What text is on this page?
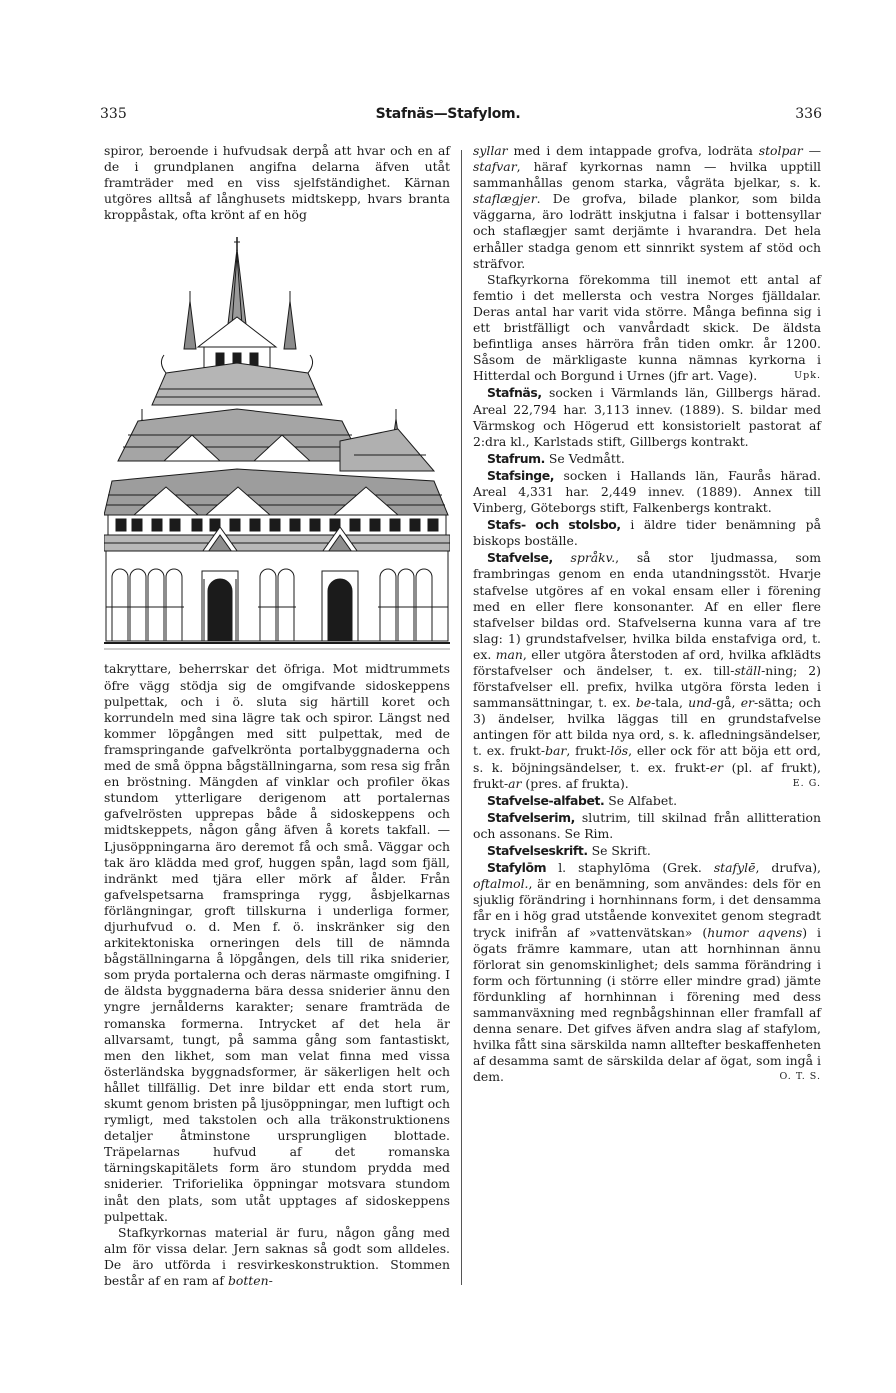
335	Stafnäs—Stafylom.	336

spiror, beroende i hufvudsak derpå att hvar och en af de i grundplanen angifna delarna äfven utåt framträder med en viss sjelfständighet. Kärnan utgöres alltså af långhusets midtskepp, hvars branta kroppåstak, ofta krönt af en hög

takryttare, beherrskar det öfriga. Mot midtrummets öfre vägg stödja sig de omgifvande sidoskeppens pulpettak, och i ö. sluta sig härtill koret och korrundeln med sina lägre tak och spiror. Längst ned kommer löpgången med sitt pulpettak, med de framspringande gafvelkrönta portalbyggnaderna och med de små öppna bågställningarna, som resa sig från en bröstning. Mängden af vinklar och profiler ökas stundom ytterligare derigenom att portalernas gafvelrösten upprepas både å sidoskeppens och midtskeppets, någon gång äfven å korets takfall. — Ljusöppningarna äro deremot få och små. Väggar och tak äro klädda med grof, huggen spån, lagd som fjäll, indränkt med tjära eller mörk af ålder. Från gafvelspetsarna framspringa rygg, åsbjelkarnas förlängningar, groft tillskurna i underliga former, djurhufvud o. d. Men f. ö. inskränker sig den arkitektoniska orneringen dels till de nämnda bågställningarna å löpgången, dels till rika sniderier, som pryda portalerna och deras närmaste omgifning. I de äldsta byggnaderna bära dessa sniderier ännu den yngre jernålderns karakter; senare framträda de romanska formerna. Intrycket af det hela är allvarsamt, tungt, på samma gång som fantastiskt, men den likhet, som man velat finna med vissa österländska byggnadsformer, är säkerligen helt och hållet tillfällig. Det inre bildar ett enda stort rum, skumt genom bristen på ljusöppningar, men luftigt och rymligt, med takstolen och alla träkonstruktionens detaljer åtminstone ursprungligen blottade. Träpelarnas hufvud af det romanska tärningskapitälets form äro stundom prydda med sniderier. Triforielika öppningar motsvara stundom inåt den plats, som utåt upptages af sidoskeppens pulpettak.

Stafkyrkornas material är furu, någon gång med alm för vissa delar. Jern saknas så godt som alldeles. De äro utförda i resvirkeskonstruktion. Stommen består af en ram af botten-

syllar med i dem intappade grofva, lodräta stolpar — stafvar, häraf kyrkornas namn — hvilka upptill sammanhållas genom starka, vågräta bjelkar, s. k. staflægjer. De grofva, bilade plankor, som bilda väggarna, äro lodrätt inskjutna i falsar i bottensyllar och staflægjer samt derjämte i hvarandra. Det hela erhåller stadga genom ett sinnrikt system af stöd och sträfvor.

Stafkyrkorna förekomma till inemot ett antal af femtio i det mellersta och vestra Norges fjälldalar. Deras antal har varit vida större. Många befinna sig i ett bristfälligt och vanvårdadt skick. De äldsta befintliga anses härröra från tiden omkr. år 1200. Såsom de märkligaste kunna nämnas kyrkorna i Hitterdal och Borgund i Urnes (jfr art. Vage).	Upk.

Stafnäs, socken i Värmlands län, Gillbergs härad. Areal 22,794 har. 3,113 innev. (1889). S. bildar med Värmskog och Högerud ett konsistorielt pastorat af 2:dra kl., Karlstads stift, Gillbergs kontrakt.

Stafrum. Se Vedmått.

Stafsinge, socken i Hallands län, Faurås härad. Areal 4,331 har. 2,449 innev. (1889). Annex till Vinberg, Göteborgs stift, Falkenbergs kontrakt.

Stafs- och stolsbo, i äldre tider benämning på biskops boställe.

Stafvelse, språkv., så stor ljudmassa, som frambringas genom en enda utandningsstöt. Hvarje stafvelse utgöres af en vokal ensam eller i förening med en eller flere konsonanter. Af en eller flere stafvelser bildas ord. Stafvelserna kunna vara af tre slag: 1) grundstafvelser, hvilka bilda enstafviga ord, t. ex. man, eller utgöra återstoden af ord, hvilka afklädts förstafvelser och ändelser, t. ex. till-ställ-ning; 2) förstafvelser ell. prefix, hvilka utgöra första leden i sammansättningar, t. ex. be-tala, und-gå, er-sätta; och 3) ändelser, hvilka läggas till en grundstafvelse antingen för att bilda nya ord, s. k. afledningsändelser, t. ex. frukt-bar, frukt-lös, eller ock för att böja ett ord, s. k. böjningsändelser, t. ex. frukt-er (pl. af frukt), frukt-ar (pres. af frukta).	E. G.

Stafvelse-alfabet. Se Alfabet.

Stafvelserim, slutrim, till skilnad från allitteration och assonans. Se Rim.

Stafvelseskrift. Se Skrift.

Stafylōm l. staphylōma (Grek. stafylē, drufva), oftalmol., är en benämning, som användes: dels för en sjuklig förändring i hornhinnans form, i det densamma får en i hög grad utstående konvexitet genom stegradt tryck inifrån af »vattenvätskan» (humor aqvens) i ögats främre kammare, utan att hornhinnan ännu förlorat sin genomskinlighet; dels samma förändring i form och förtunning (i större eller mindre grad) jämte fördunkling af hornhinnan i förening med dess sammanväxning med regnbågshinnan eller framfall af denna senare. Det gifves äfven andra slag af stafylom, hvilka fått sina särskilda namn alltefter beskaffenheten af desamma samt de särskilda delar af ögat, som ingå i dem.	O. T. S.
